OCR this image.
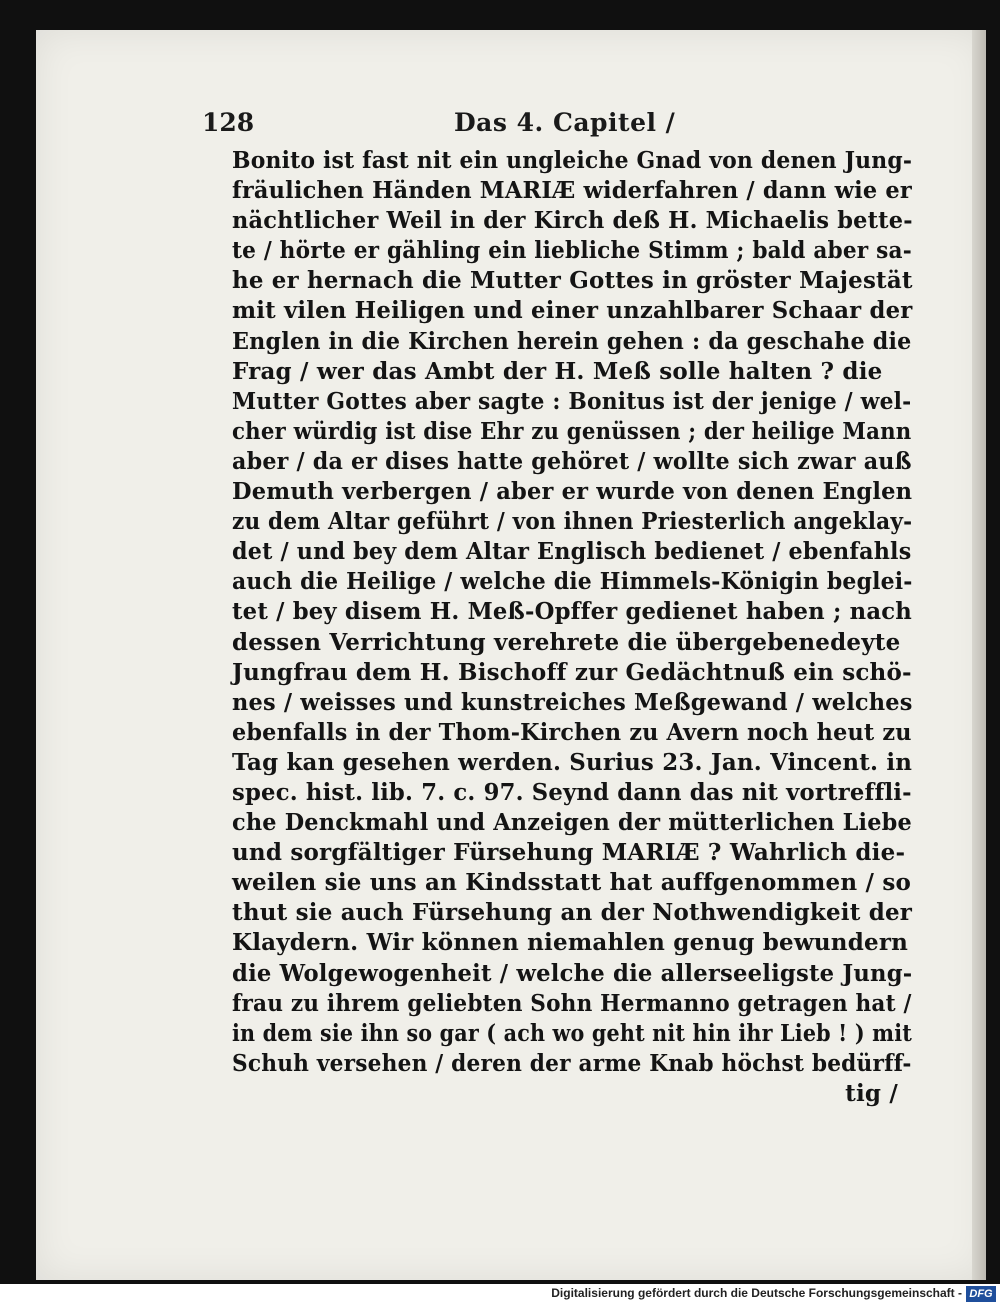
128	Das 4. Capitel /
Bonito ist fast nit ein ungleiche Gnad von denen Jung-
fräulichen Händen MARIÆ widerfahren / dann wie er
nächtlicher Weil in der Kirch deß H. Michaelis bette-
te / hörte er gähling ein liebliche Stimm ; bald aber sa-
he er hernach die Mutter Gottes in gröster Majestät
mit vilen Heiligen und einer unzahlbarer Schaar der
Englen in die Kirchen herein gehen : da geschahe die
Frag / wer das Ambt der H. Meß solle halten ? die
Mutter Gottes aber sagte : Bonitus ist der jenige / wel-
cher würdig ist dise Ehr zu genüssen ; der heilige Mann
aber / da er dises hatte gehöret / wollte sich zwar auß
Demuth verbergen / aber er wurde von denen Englen
zu dem Altar geführt / von ihnen Priesterlich angeklay-
det / und bey dem Altar Englisch bedienet / ebenfahls
auch die Heilige / welche die Himmels-Königin beglei-
tet / bey disem H. Meß-Opffer gedienet haben ; nach
dessen Verrichtung verehrete die übergebenedeyte
Jungfrau dem H. Bischoff zur Gedächtnuß ein schö-
nes / weisses und kunstreiches Meßgewand / welches
ebenfalls in der Thom-Kirchen zu Avern noch heut zu
Tag kan gesehen werden. Surius 23. Jan. Vincent. in
spec. hist. lib. 7. c. 97. Seynd dann das nit vortreffli-
che Denckmahl und Anzeigen der mütterlichen Liebe
und sorgfältiger Fürsehung MARIÆ ? Wahrlich die-
weilen sie uns an Kindsstatt hat auffgenommen / so
thut sie auch Fürsehung an der Nothwendigkeit der
Klaydern. Wir können niemahlen genug bewundern
die Wolgewogenheit / welche die allerseeligste Jung-
frau zu ihrem geliebten Sohn Hermanno getragen hat /
in dem sie ihn so gar ( ach wo geht nit hin ihr Lieb ! ) mit
Schuh versehen / deren der arme Knab höchst bedürff-
tig /
Digitalisierung gefördert durch die Deutsche Forschungsgemeinschaft - DFG
